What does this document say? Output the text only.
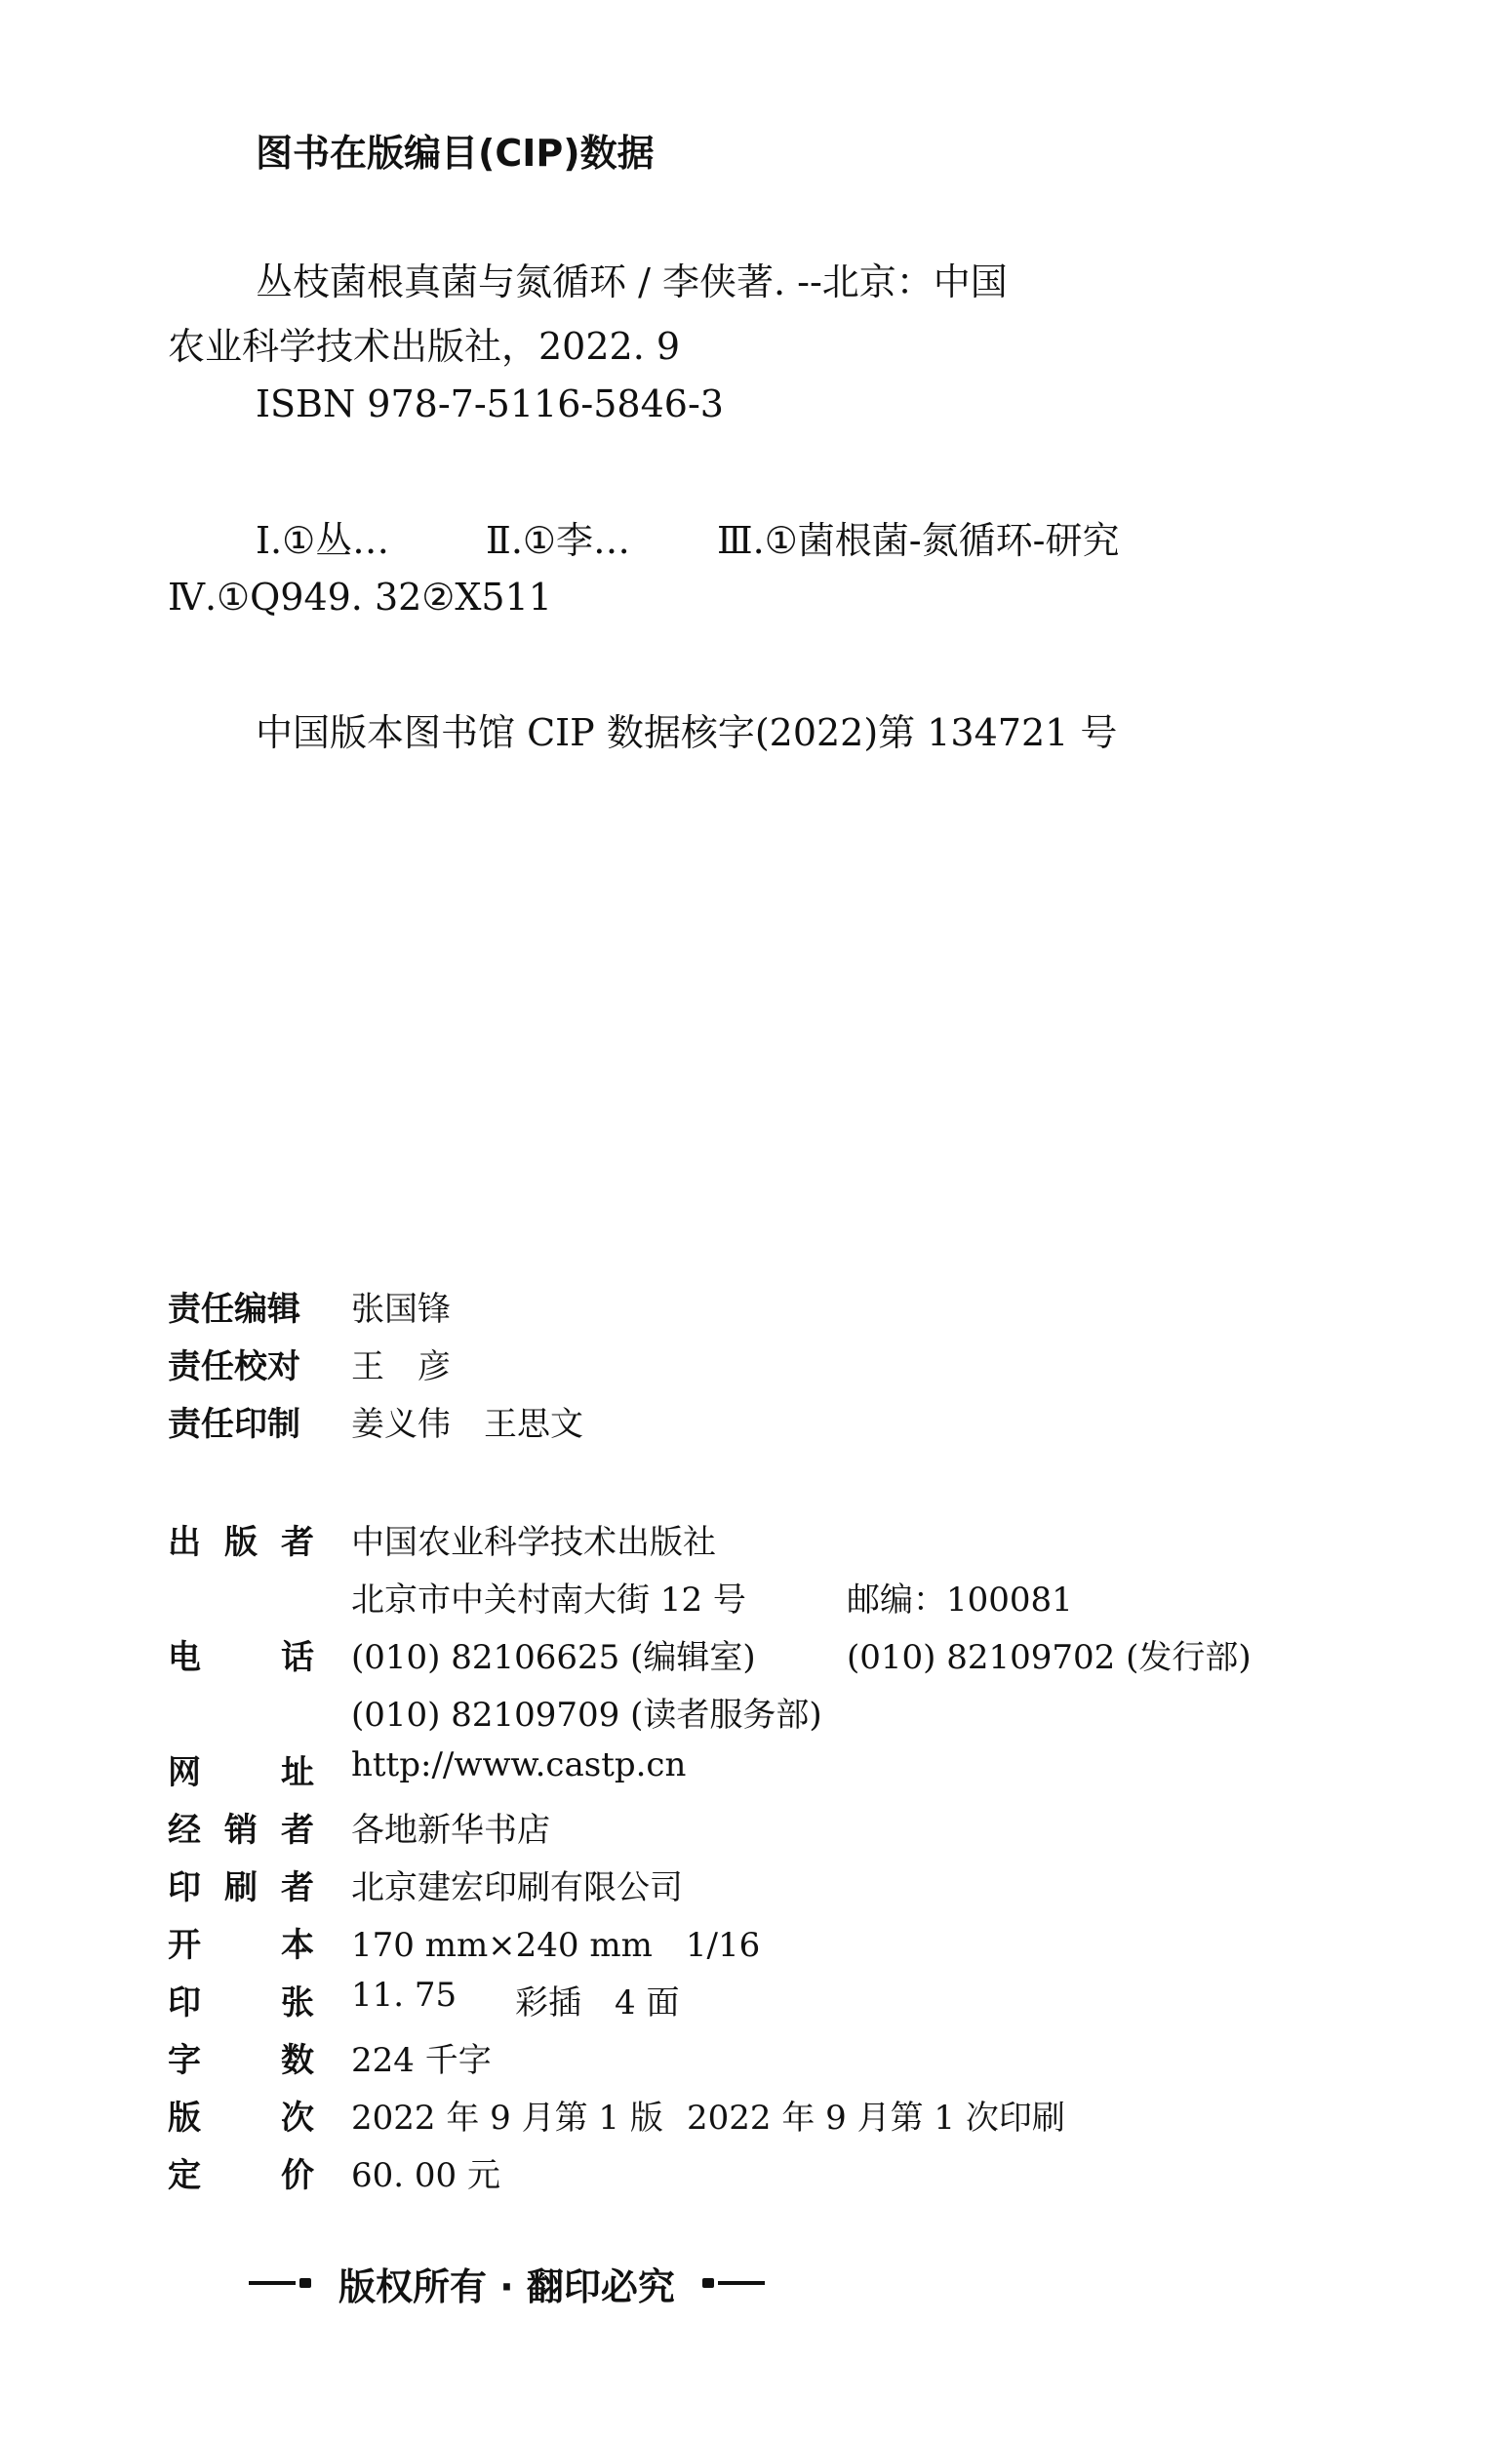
图书在版编目(CIP)数据
丛枝菌根真菌与氮循环 / 李侠著. --北京：中国
农业科学技术出版社，2022. 9
ISBN 978-7-5116-5846-3
Ⅰ.①丛…	Ⅱ.①李… Ⅲ.①菌根菌-氮循环-研究
Ⅳ.①Q949. 32②X511
中国版本图书馆 CIP 数据核字(2022)第 134721 号
责任编辑	张国锋
责任校对	王　彦
责任印制	姜义伟　王思文
出 版 者 中国农业科学技术出版社
北京市中关村南大街 12 号	邮编：100081
电 话 (010) 82106625 (编辑室)	(010) 82109702 (发行部)
(010) 82109709 (读者服务部)
网 址 http://www.castp.cn
经 销 者 各地新华书店
印 刷 者 北京建宏印刷有限公司
开 本 170 mm×240 mm　1/16
印 张 11. 75 彩插　4 面
字 数 224 千字
版 次 2022 年 9 月第 1 版 2022 年 9 月第 1 次印刷
定 价 60. 00 元
版权所有 · 翻印必究
